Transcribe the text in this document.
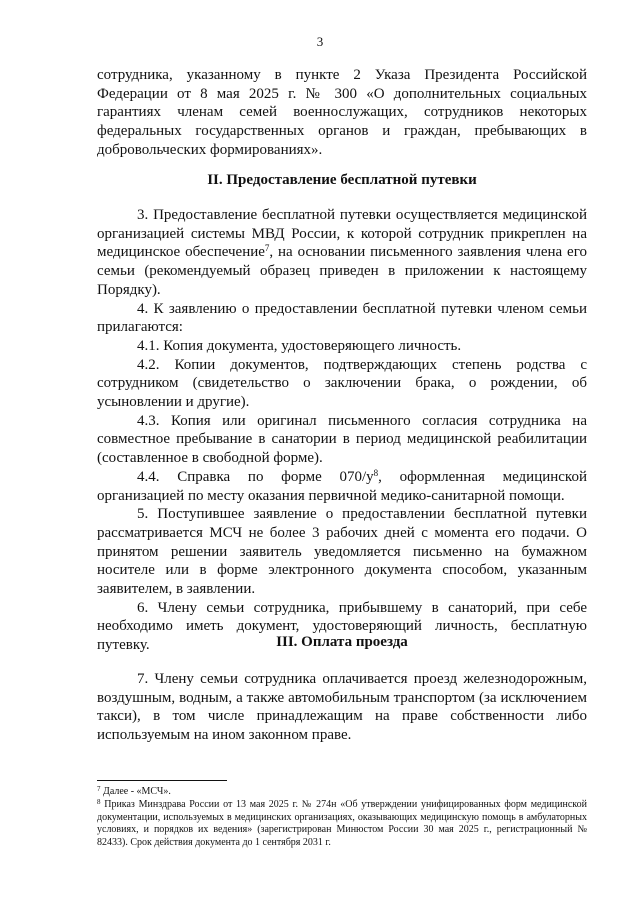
3

сотрудника, указанному в пункте 2 Указа Президента Российской Федерации от 8 мая 2025 г. № 300 «О дополнительных социальных гарантиях членам семей военнослужащих, сотрудников некоторых федеральных государственных органов и граждан, пребывающих в добровольческих формированиях».

II. Предоставление бесплатной путевки

3. Предоставление бесплатной путевки осуществляется медицинской организацией системы МВД России, к которой сотрудник прикреплен на медицинское обеспечение$^7$, на основании письменного заявления члена его семьи (рекомендуемый образец приведен в приложении к настоящему Порядку).

4. К заявлению о предоставлении бесплатной путевки членом семьи прилагаются:

4.1. Копия документа, удостоверяющего личность.

4.2. Копии документов, подтверждающих степень родства с сотрудником (свидетельство о заключении брака, о рождении, об усыновлении и другие).

4.3. Копия или оригинал письменного согласия сотрудника на совместное пребывание в санатории в период медицинской реабилитации (составленное в свободной форме).

4.4. Справка по форме $070/у^8$, оформленная медицинской организацией по месту оказания первичной медико-санитарной помощи.

5. Поступившее заявление о предоставлении бесплатной путевки рассматривается МСЧ не более 3 рабочих дней с момента его подачи. О принятом решении заявитель уведомляется письменно на бумажном носителе или в форме электронного документа способом, указанным заявителем, в заявлении.

6. Члену семьи сотрудника, прибывшему в санаторий, при себе необходимо иметь документ, удостоверяющий личность, бесплатную путевку.	III. Оплата проезда

7. Члену семьи сотрудника оплачивается проезд железнодорожным, воздушным, водным, а также автомобильным транспортом (за исключением такси), в том числе принадлежащим на праве собственности либо используемым на ином законном праве.

$^7$ Далее - «МСЧ».

$^8$ Приказ Минздрава России от 13 мая 2025 г. № 274н «Об утверждении унифицированных форм медицинской документации, используемых в медицинских организациях, оказывающих медицинскую помощь в амбулаторных условиях, и порядков их ведения» (зарегистрирован Минюстом России 30 мая 2025 г., регистрационный № 82433). Срок действия документа до 1 сентября 2031 г.
